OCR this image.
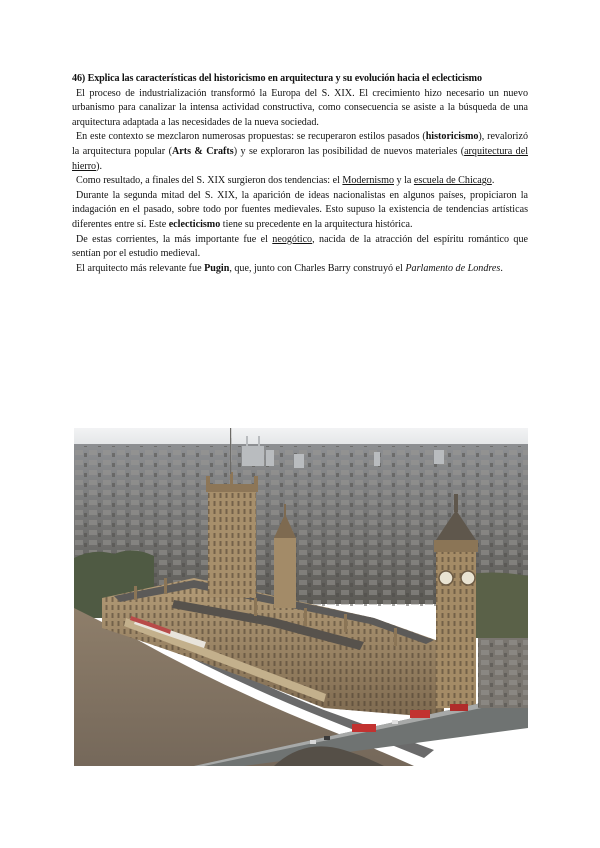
46) Explica las características del historicismo en arquitectura y su evolución hacia el eclecticismo

El proceso de industrialización transformó la Europa del S. XIX. El crecimiento hizo necesario un nuevo urbanismo para canalizar la intensa actividad constructiva, como consecuencia se asiste a la búsqueda de una arquitectura adaptada a las necesidades de la nueva sociedad.

En este contexto se mezclaron numerosas propuestas: se recuperaron estilos pasados (historicismo), revalorizó la arquitectura popular (Arts & Crafts) y se exploraron las posibilidad de nuevos materiales (arquitectura del hierro).

Como resultado, a finales del S. XIX surgieron dos tendencias: el Modernismo y la escuela de Chicago.

Durante la segunda mitad del S. XIX, la aparición de ideas nacionalistas en algunos países, propiciaron la indagación en el pasado, sobre todo por fuentes medievales. Esto supuso la existencia de tendencias artísticas diferentes entre sí. Este eclecticismo tiene su precedente en la arquitectura histórica.

De estas corrientes, la más importante fue el neogótico, nacida de la atracción del espíritu romántico que sentían por el estudio medieval.

El arquitecto más relevante fue Pugin, que, junto con Charles Barry construyó el Parlamento de Londres.
